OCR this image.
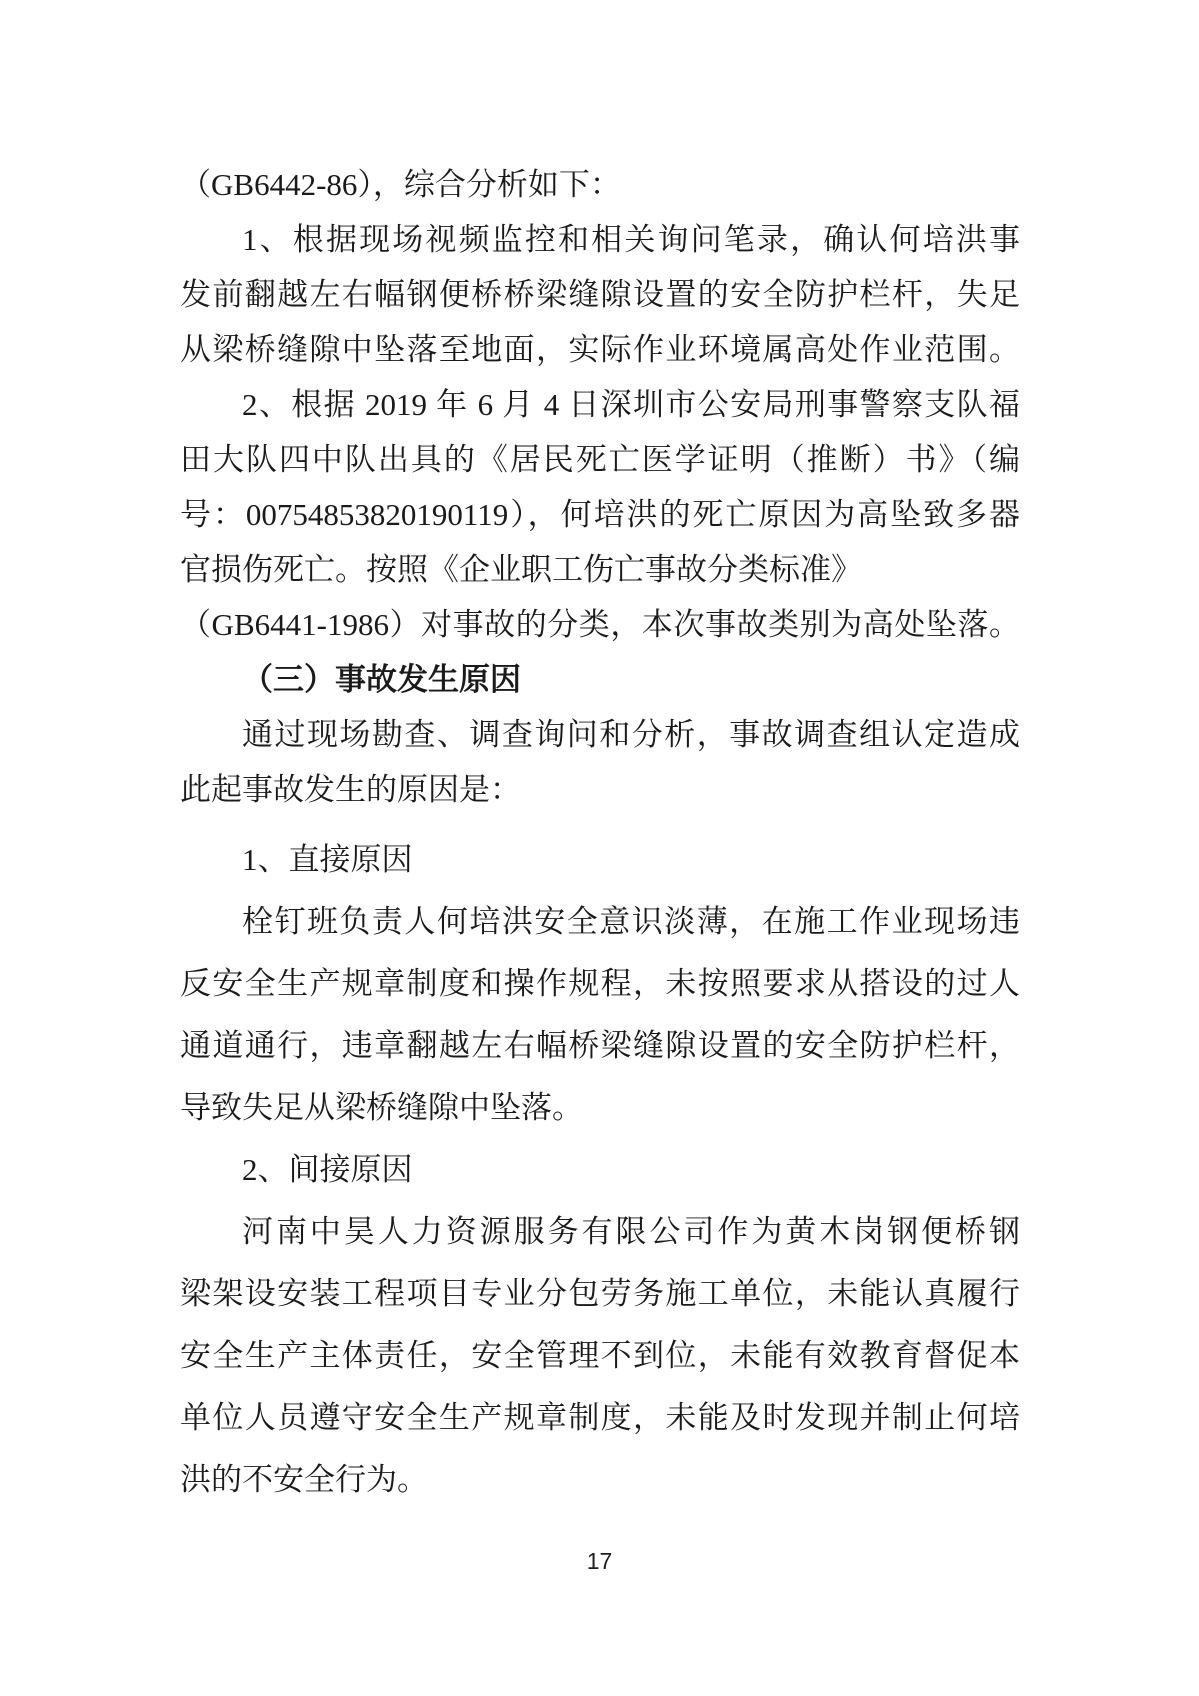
（GB6442-86），综合分析如下：
1、根据现场视频监控和相关询问笔录，确认何培洪事
发前翻越左右幅钢便桥桥梁缝隙设置的安全防护栏杆，失足
从梁桥缝隙中坠落至地面，实际作业环境属高处作业范围。
2、根据 2019 年 6 月 4 日深圳市公安局刑事警察支队福
田大队四中队出具的《居民死亡医学证明（推断）书》（编
号：00754853820190119），何培洪的死亡原因为高坠致多器
官损伤死亡。按照《企业职工伤亡事故分类标准》
（GB6441-1986）对事故的分类，本次事故类别为高处坠落。
（三）事故发生原因
通过现场勘查、调查询问和分析，事故调查组认定造成
此起事故发生的原因是：
1、直接原因
栓钉班负责人何培洪安全意识淡薄，在施工作业现场违
反安全生产规章制度和操作规程，未按照要求从搭设的过人
通道通行，违章翻越左右幅桥梁缝隙设置的安全防护栏杆，
导致失足从梁桥缝隙中坠落。
2、间接原因
河南中昊人力资源服务有限公司作为黄木岗钢便桥钢
梁架设安装工程项目专业分包劳务施工单位，未能认真履行
安全生产主体责任，安全管理不到位，未能有效教育督促本
单位人员遵守安全生产规章制度，未能及时发现并制止何培
洪的不安全行为。
17
